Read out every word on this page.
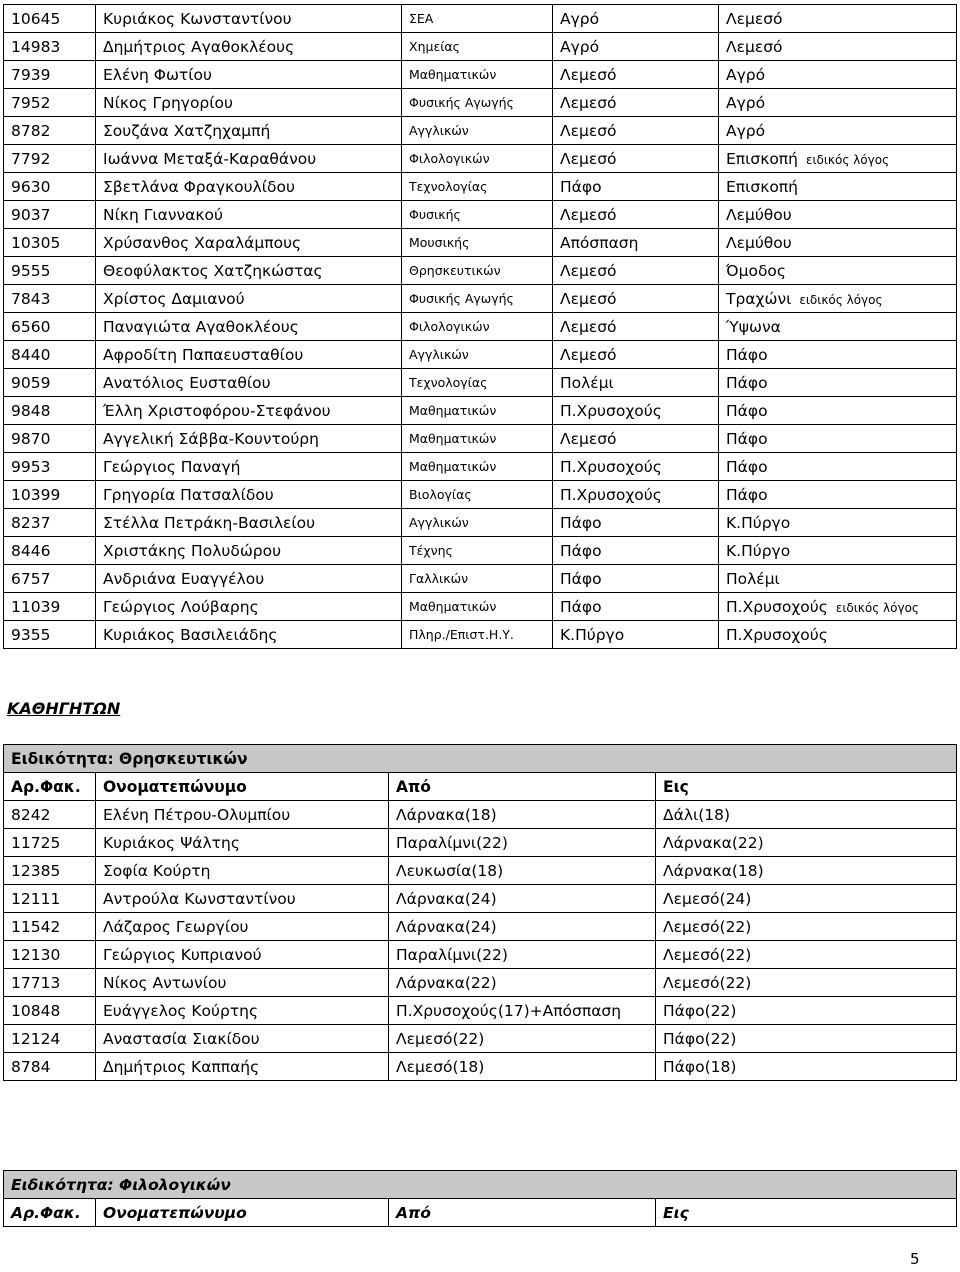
10645	Κυριάκος Κωνσταντίνου	ΣΕΑ	Αγρό	Λεμεσό
14983	Δημήτριος Αγαθοκλέους	Χημείας	Αγρό	Λεμεσό
7939	Ελένη Φωτίου	Μαθηματικών	Λεμεσό	Αγρό
7952	Νίκος Γρηγορίου	Φυσικής Αγωγής	Λεμεσό	Αγρό
8782	Σουζάνα Χατζηχαμπή	Αγγλικών	Λεμεσό	Αγρό
7792	Ιωάννα Μεταξά-Καραθάνου	Φιλολογικών	Λεμεσό	Επισκοπή ειδικός λόγος
9630	Σβετλάνα Φραγκουλίδου	Τεχνολογίας	Πάφο	Επισκοπή
9037	Νίκη Γιαννακού	Φυσικής	Λεμεσό	Λεμύθου
10305	Χρύσανθος Χαραλάμπους	Μουσικής	Απόσπαση	Λεμύθου
9555	Θεοφύλακτος Χατζηκώστας	Θρησκευτικών	Λεμεσό	Όμοδος
7843	Χρίστος Δαμιανού	Φυσικής Αγωγής	Λεμεσό	Τραχώνι ειδικός λόγος
6560	Παναγιώτα Αγαθοκλέους	Φιλολογικών	Λεμεσό	Ύψωνα
8440	Αφροδίτη Παπαευσταθίου	Αγγλικών	Λεμεσό	Πάφο
9059	Ανατόλιος Ευσταθίου	Τεχνολογίας	Πολέμι	Πάφο
9848	Έλλη Χριστοφόρου-Στεφάνου	Μαθηματικών	Π.Χρυσοχούς	Πάφο
9870	Αγγελική Σάββα-Κουντούρη	Μαθηματικών	Λεμεσό	Πάφο
9953	Γεώργιος Παναγή	Μαθηματικών	Π.Χρυσοχούς	Πάφο
10399	Γρηγορία Πατσαλίδου	Βιολογίας	Π.Χρυσοχούς	Πάφο
8237	Στέλλα Πετράκη-Βασιλείου	Αγγλικών	Πάφο	Κ.Πύργο
8446	Χριστάκης Πολυδώρου	Τέχνης	Πάφο	Κ.Πύργο
6757	Ανδριάνα Ευαγγέλου	Γαλλικών	Πάφο	Πολέμι
11039	Γεώργιος Λούβαρης	Μαθηματικών	Πάφο	Π.Χρυσοχούς ειδικός λόγος
9355	Κυριάκος Βασιλειάδης	Πληρ./Επιστ.Η.Υ.	Κ.Πύργο	Π.Χρυσοχούς
ΚΑΘΗΓΗΤΩΝ
Ειδικότητα: Θρησκευτικών			
Αρ.Φακ.	Ονοματεπώνυμο	Από	Εις
8242	Ελένη Πέτρου-Ολυμπίου	Λάρνακα(18)	Δάλι(18)
11725	Κυριάκος Ψάλτης	Παραλίμνι(22)	Λάρνακα(22)
12385	Σοφία Κούρτη	Λευκωσία(18)	Λάρνακα(18)
12111	Αντρούλα Κωνσταντίνου	Λάρνακα(24)	Λεμεσό(24)
11542	Λάζαρος Γεωργίου	Λάρνακα(24)	Λεμεσό(22)
12130	Γεώργιος Κυπριανού	Παραλίμνι(22)	Λεμεσό(22)
17713	Νίκος Αντωνίου	Λάρνακα(22)	Λεμεσό(22)
10848	Ευάγγελος Κούρτης	Π.Χρυσοχούς(17)+Απόσπαση	Πάφο(22)
12124	Αναστασία Σιακίδου	Λεμεσό(22)	Πάφο(22)
8784	Δημήτριος Καππαής	Λεμεσό(18)	Πάφο(18)
Ειδικότητα: Φιλολογικών
Αρ.Φακ.	Ονοματεπώνυμο	Από	Εις
5
